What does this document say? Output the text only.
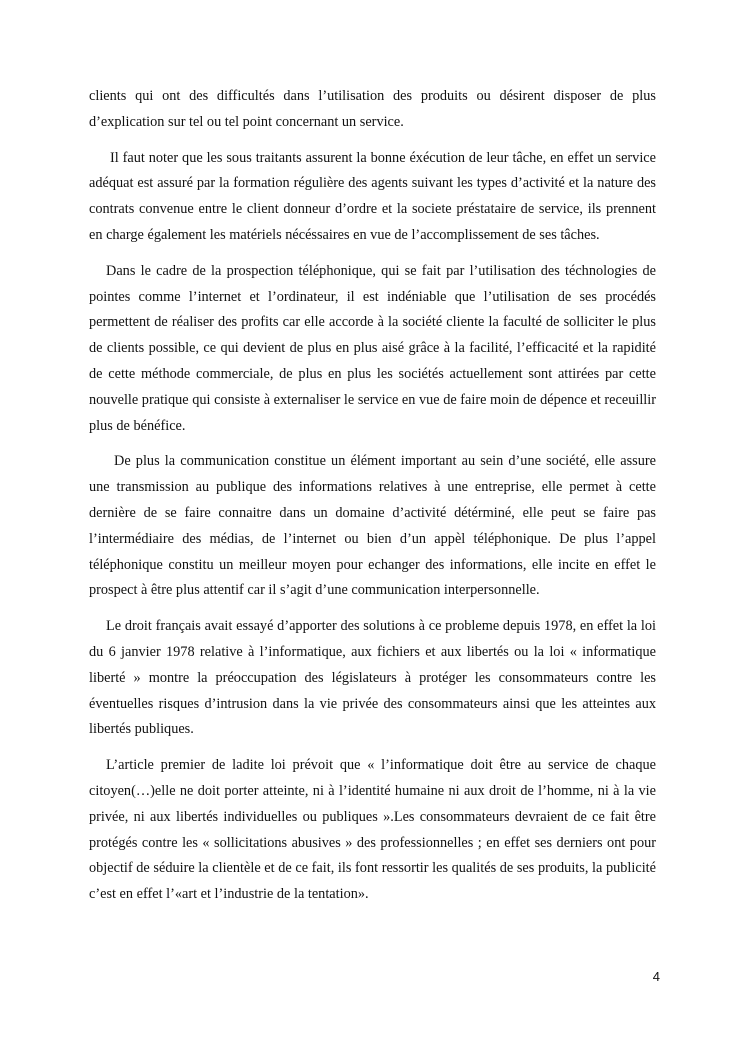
clients qui ont des difficultés dans l’utilisation des produits ou désirent disposer de plus d’explication sur tel ou tel point concernant un service.

Il faut noter que les sous traitants assurent la bonne éxécution de leur tâche, en effet un service adéquat est assuré par la formation régulière des agents suivant les types d’activité et la nature des contrats convenue entre le client donneur d’ordre et la societe préstataire de service, ils prennent en charge également les matériels nécéssaires en vue de l’accomplissement de ses tâches.

Dans le cadre de la prospection téléphonique, qui se fait par l’utilisation des téchnologies de pointes comme l’internet et l’ordinateur, il est indéniable que l’utilisation de ses procédés permettent de réaliser des profits car elle accorde à la société cliente la faculté de solliciter le plus de clients possible, ce qui devient de plus en plus aisé grâce à la facilité, l’efficacité et la rapidité de cette méthode commerciale, de plus en plus les sociétés actuellement sont attirées par cette nouvelle pratique qui consiste à externaliser le service en vue de faire moin de dépence et receuillir plus de bénéfice.

De plus la communication constitue un élément important au sein d’une société, elle assure une transmission au publique des informations relatives à une entreprise, elle permet à cette dernière de se faire connaitre dans un domaine d’activité détérminé, elle peut se faire pas l’intermédiaire des médias, de l’internet ou bien d’un appèl téléphonique. De plus l’appel téléphonique constitu un meilleur moyen pour echanger des informations, elle incite en effet le prospect à être plus attentif car il s’agit d’une communication interpersonnelle.

Le droit français avait essayé d’apporter des solutions à ce probleme depuis 1978, en effet la loi du 6 janvier 1978 relative à l’informatique, aux fichiers et aux libertés ou la loi « informatique liberté » montre la préoccupation des législateurs à protéger les consommateurs contre les éventuelles risques d’intrusion dans la vie privée des consommateurs ainsi que les atteintes aux libertés publiques.

L’article premier de ladite loi prévoit que « l’informatique doit être au service de chaque citoyen(…)elle ne doit porter atteinte, ni à l’identité humaine ni aux droit de l’homme, ni à la vie privée, ni aux libertés individuelles ou publiques ».Les consommateurs devraient de ce fait être protégés contre les « sollicitations abusives » des professionnelles ; en effet ses derniers ont pour objectif de séduire la clientèle et de ce fait, ils font ressortir les qualités de ses produits, la publicité c’est en effet l’«art et l’industrie de la tentation».

4
